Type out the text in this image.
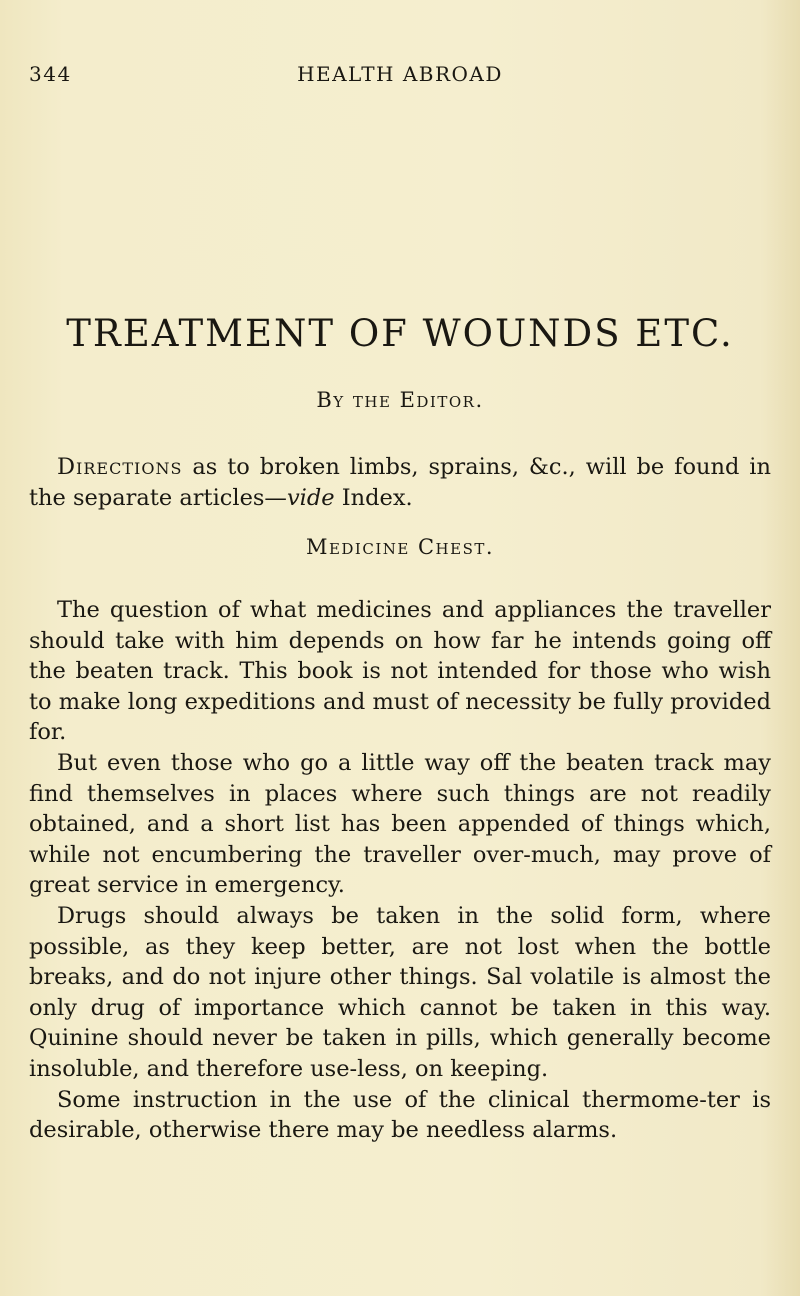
344	HEALTH ABROAD
TREATMENT OF WOUNDS ETC.
By the Editor.

Directions as to broken limbs, sprains, &c., will be found in the separate articles—vide Index.

Medicine Chest.

The question of what medicines and appliances the traveller should take with him depends on how far he intends going off the beaten track. This book is not intended for those who wish to make long expeditions and must of necessity be fully provided for.

But even those who go a little way off the beaten track may find themselves in places where such things are not readily obtained, and a short list has been appended of things which, while not encumbering the traveller over-much, may prove of great service in emergency.

Drugs should always be taken in the solid form, where possible, as they keep better, are not lost when the bottle breaks, and do not injure other things. Sal volatile is almost the only drug of importance which cannot be taken in this way. Quinine should never be taken in pills, which generally become insoluble, and therefore use-less, on keeping.

Some instruction in the use of the clinical thermome-ter is desirable, otherwise there may be needless alarms.
